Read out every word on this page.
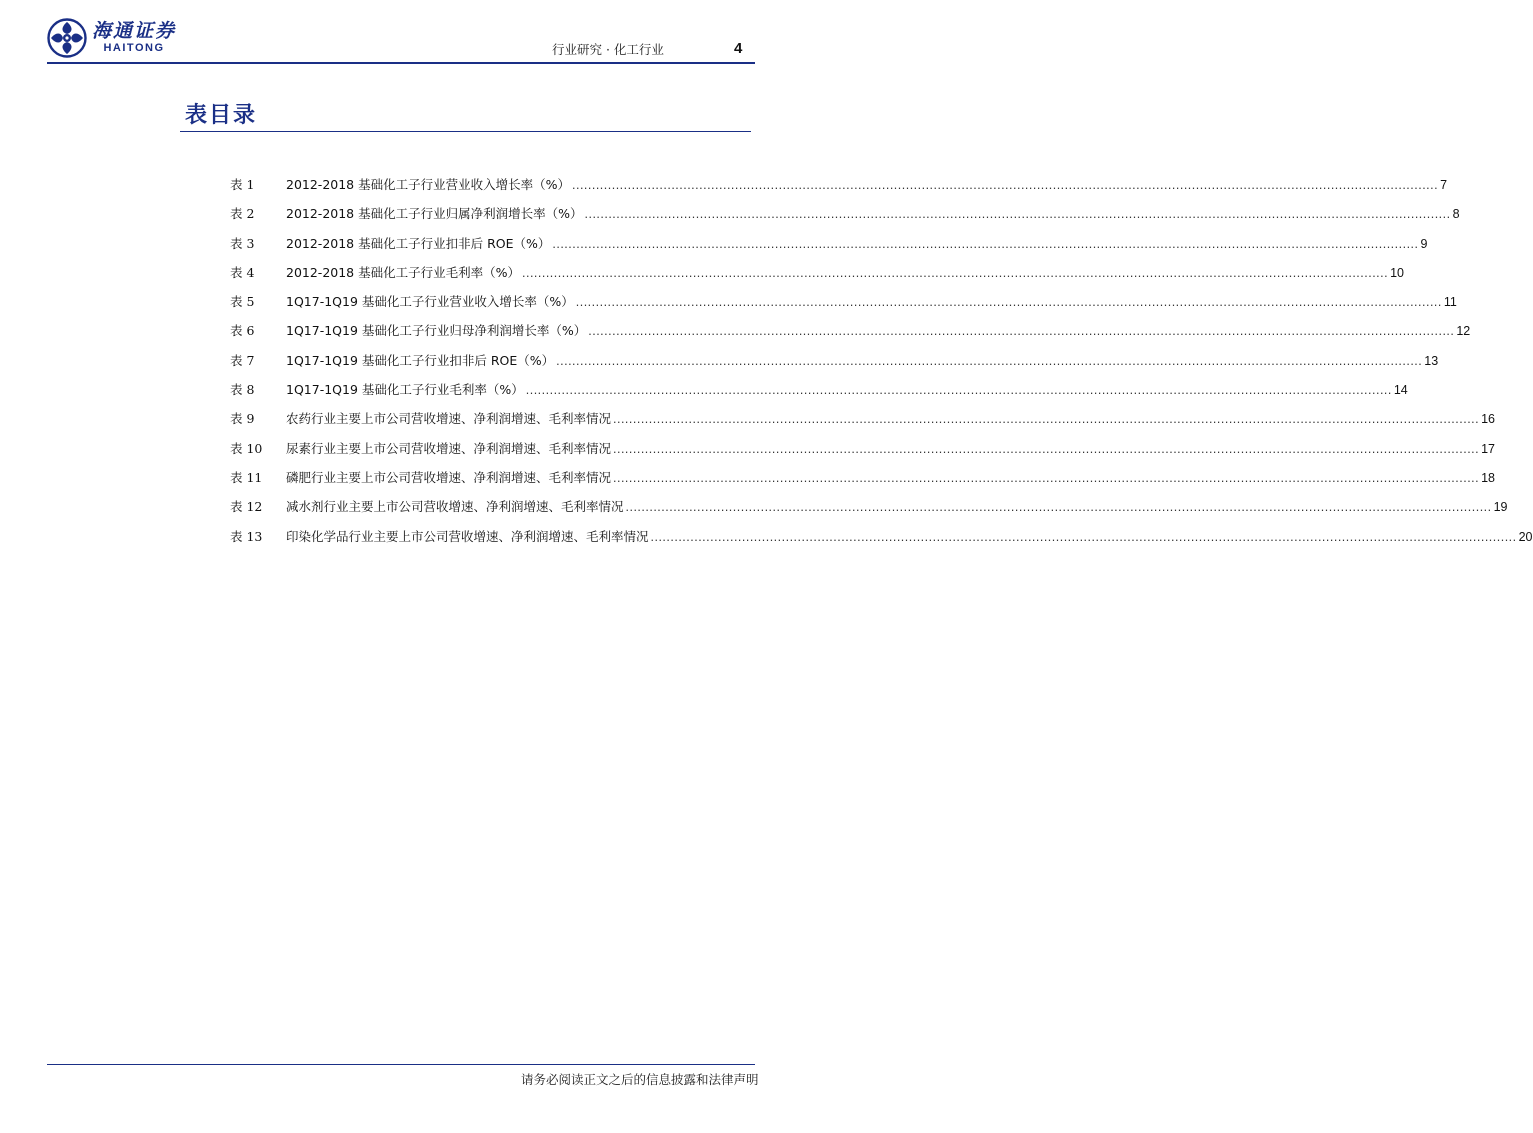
海通证券
HAITONG	行业研究 · 化工行业	4
表目录
表 1	2012-2018 基础化工子行业营业收入增长率（%） .....	7
表 2	2012-2018 基础化工子行业归属净利润增长率（%） .....	8
表 3	2012-2018 基础化工子行业扣非后 ROE（%） .....	9
表 4	2012-2018 基础化工子行业毛利率（%） .....	10
表 5	1Q17-1Q19 基础化工子行业营业收入增长率（%） .....	11
表 6	1Q17-1Q19 基础化工子行业归母净利润增长率（%） .....	12
表 7	1Q17-1Q19 基础化工子行业扣非后 ROE（%） .....	13
表 8	1Q17-1Q19 基础化工子行业毛利率（%） .....	14
表 9	农药行业主要上市公司营收增速、净利润增速、毛利率情况 .....	16
表 10	尿素行业主要上市公司营收增速、净利润增速、毛利率情况 .....	17
表 11	磷肥行业主要上市公司营收增速、净利润增速、毛利率情况 .....	18
表 12	减水剂行业主要上市公司营收增速、净利润增速、毛利率情况 .....	19
表 13	印染化学品行业主要上市公司营收增速、净利润增速、毛利率情况 .....	20
请务必阅读正文之后的信息披露和法律声明
